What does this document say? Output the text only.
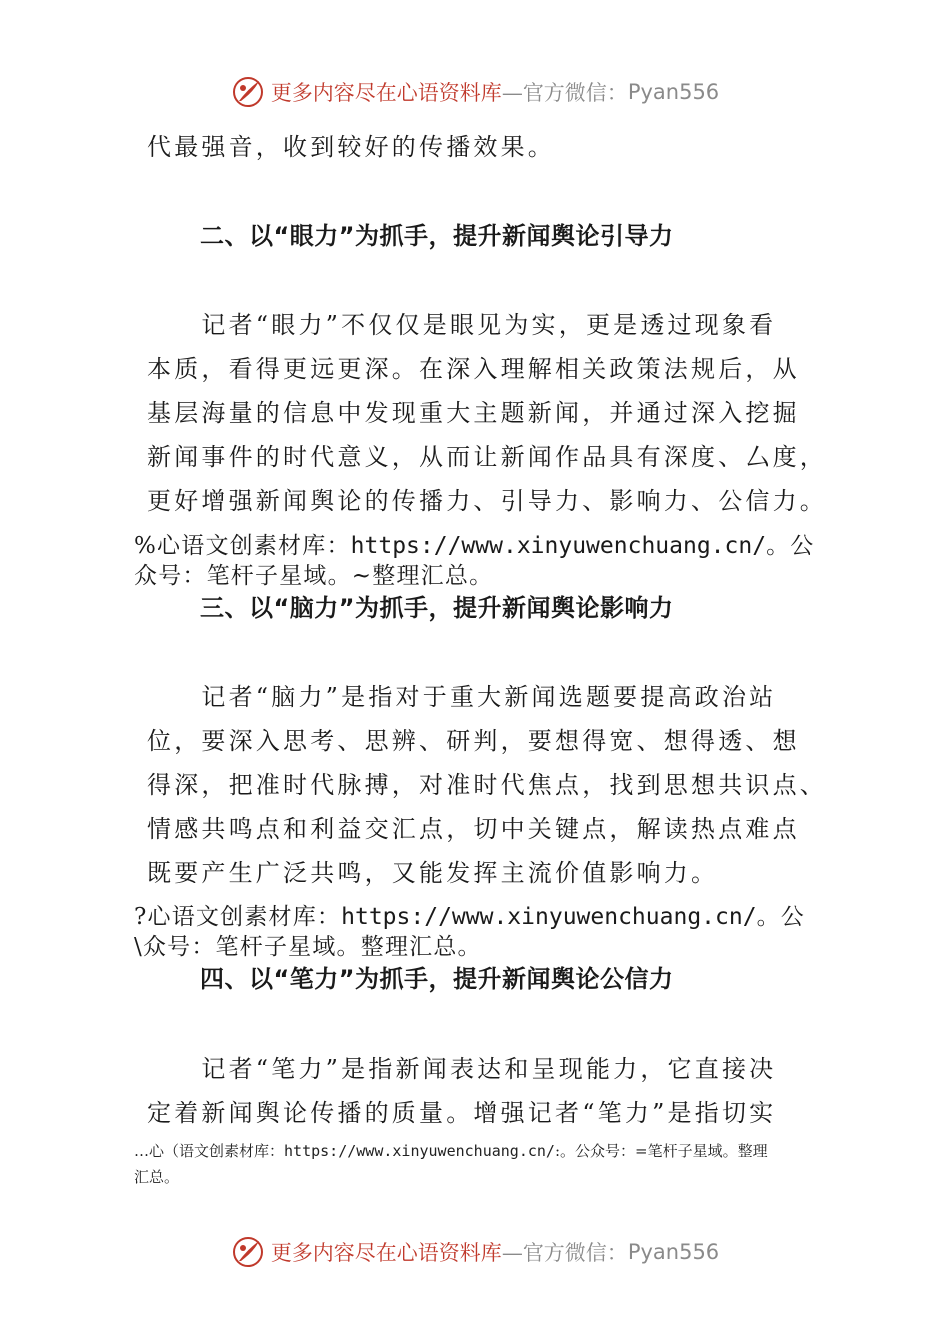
更多内容尽在心语资料库 —官方微信： Pyan556
代最强音，收到较好的传播效果。
二、以“眼力”为抓手，提升新闻舆论引导力
　　记者“眼力”不仅仅是眼见为实，更是透过现象看
本质，看得更远更深。在深入理解相关政策法规后，从
基层海量的信息中发现重大主题新闻，并通过深入挖掘
新闻事件的时代意义，从而让新闻作品具有深度、厶度，
更好增强新闻舆论的传播力、引导力、影响力、公信力。
%心语文创素材库：https://www.xinyuwenchuang.cn/。公
众号：笔杆子星域。~整理汇总。
三、以“脑力”为抓手，提升新闻舆论影响力
　　记者“脑力”是指对于重大新闻选题要提高政治站
位，要深入思考、思辨、研判，要想得宽、想得透、想
得深，把准时代脉搏，对准时代焦点，找到思想共识点、
情感共鸣点和利益交汇点，切中关键点，解读热点难点
既要产生广泛共鸣，又能发挥主流价值影响力。
?心语文创素材库：https://www.xinyuwenchuang.cn/。公
\众号：笔杆子星域。整理汇总。
四、以“笔力”为抓手，提升新闻舆论公信力
　　记者“笔力”是指新闻表达和呈现能力，它直接决
定着新闻舆论传播的质量。增强记者“笔力”是指切实
…心（语文创素材库：https://www.xinyuwenchuang.cn/:。公众号：=笔杆子星域。整理
汇总。
更多内容尽在心语资料库 —官方微信： Pyan556
